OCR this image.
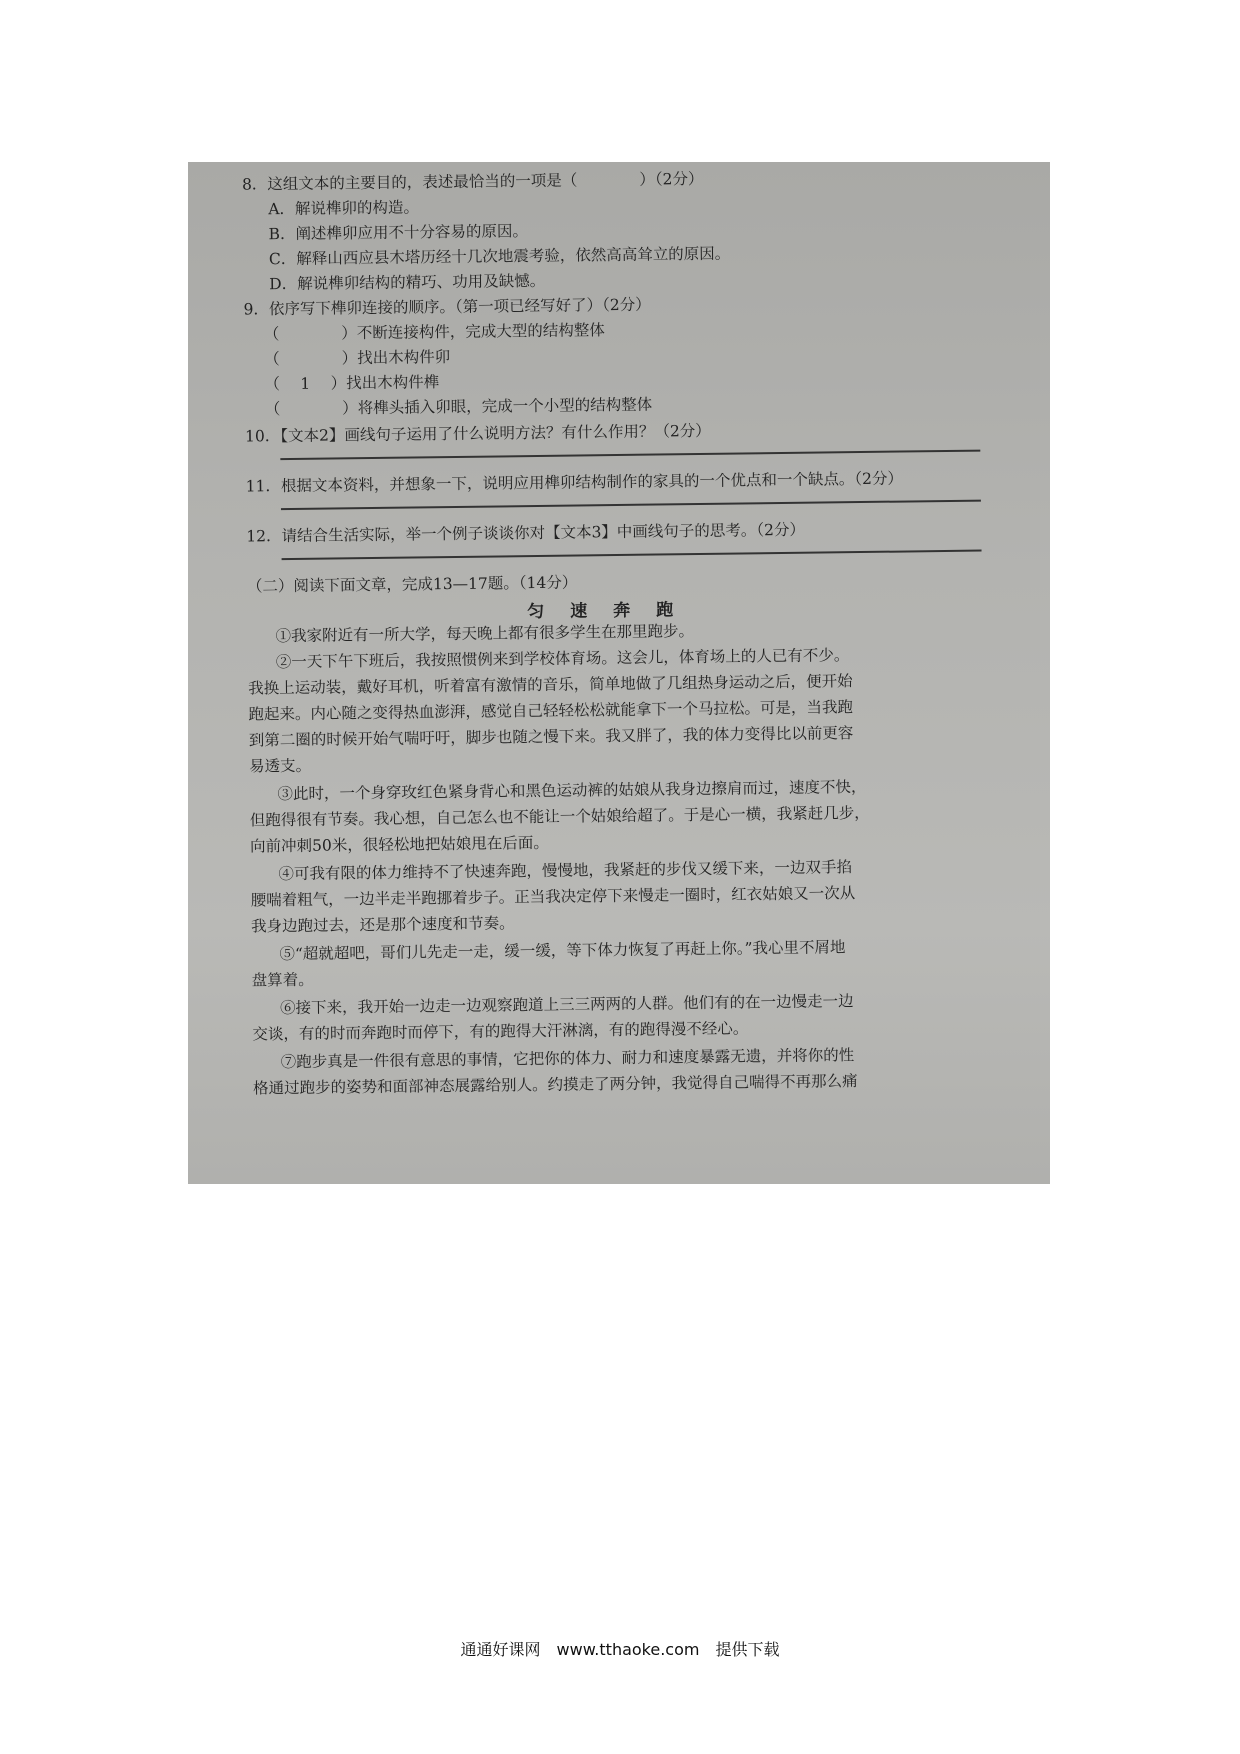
8．这组文本的主要目的，表述最恰当的一项是（　　　　）（2分）
A．解说榫卯的构造。
B．阐述榫卯应用不十分容易的原因。
C．解释山西应县木塔历经十几次地震考验，依然高高耸立的原因。
D．解说榫卯结构的精巧、功用及缺憾。
9．依序写下榫卯连接的顺序。（第一项已经写好了）（2分）
（　　　　）不断连接构件，完成大型的结构整体
（　　　　）找出木构件卯
（　 1 　）找出木构件榫
（　　　　）将榫头插入卯眼，完成一个小型的结构整体
10．【文本2】画线句子运用了什么说明方法？有什么作用？（2分）
11．根据文本资料，并想象一下，说明应用榫卯结构制作的家具的一个优点和一个缺点。（2分）
12．请结合生活实际，举一个例子谈谈你对【文本3】中画线句子的思考。（2分）
（二）阅读下面文章，完成13—17题。（14分）
匀速奔跑
①我家附近有一所大学，每天晚上都有很多学生在那里跑步。
②一天下午下班后，我按照惯例来到学校体育场。这会儿，体育场上的人已有不少。
我换上运动装，戴好耳机，听着富有激情的音乐，简单地做了几组热身运动之后，便开始
跑起来。内心随之变得热血澎湃，感觉自己轻轻松松就能拿下一个马拉松。可是，当我跑
到第二圈的时候开始气喘吁吁，脚步也随之慢下来。我又胖了，我的体力变得比以前更容
易透支。
③此时，一个身穿玫红色紧身背心和黑色运动裤的姑娘从我身边擦肩而过，速度不快，
但跑得很有节奏。我心想，自己怎么也不能让一个姑娘给超了。于是心一横，我紧赶几步，
向前冲刺50米，很轻松地把姑娘甩在后面。
④可我有限的体力维持不了快速奔跑，慢慢地，我紧赶的步伐又缓下来，一边双手掐
腰喘着粗气，一边半走半跑挪着步子。正当我决定停下来慢走一圈时，红衣姑娘又一次从
我身边跑过去，还是那个速度和节奏。
⑤“超就超吧，哥们儿先走一走，缓一缓，等下体力恢复了再赶上你。”我心里不屑地
盘算着。
⑥接下来，我开始一边走一边观察跑道上三三两两的人群。他们有的在一边慢走一边
交谈，有的时而奔跑时而停下，有的跑得大汗淋漓，有的跑得漫不经心。
⑦跑步真是一件很有意思的事情，它把你的体力、耐力和速度暴露无遗，并将你的性
格通过跑步的姿势和面部神态展露给别人。约摸走了两分钟，我觉得自己喘得不再那么痛
通通好课网　www.tthaoke.com　提供下载
